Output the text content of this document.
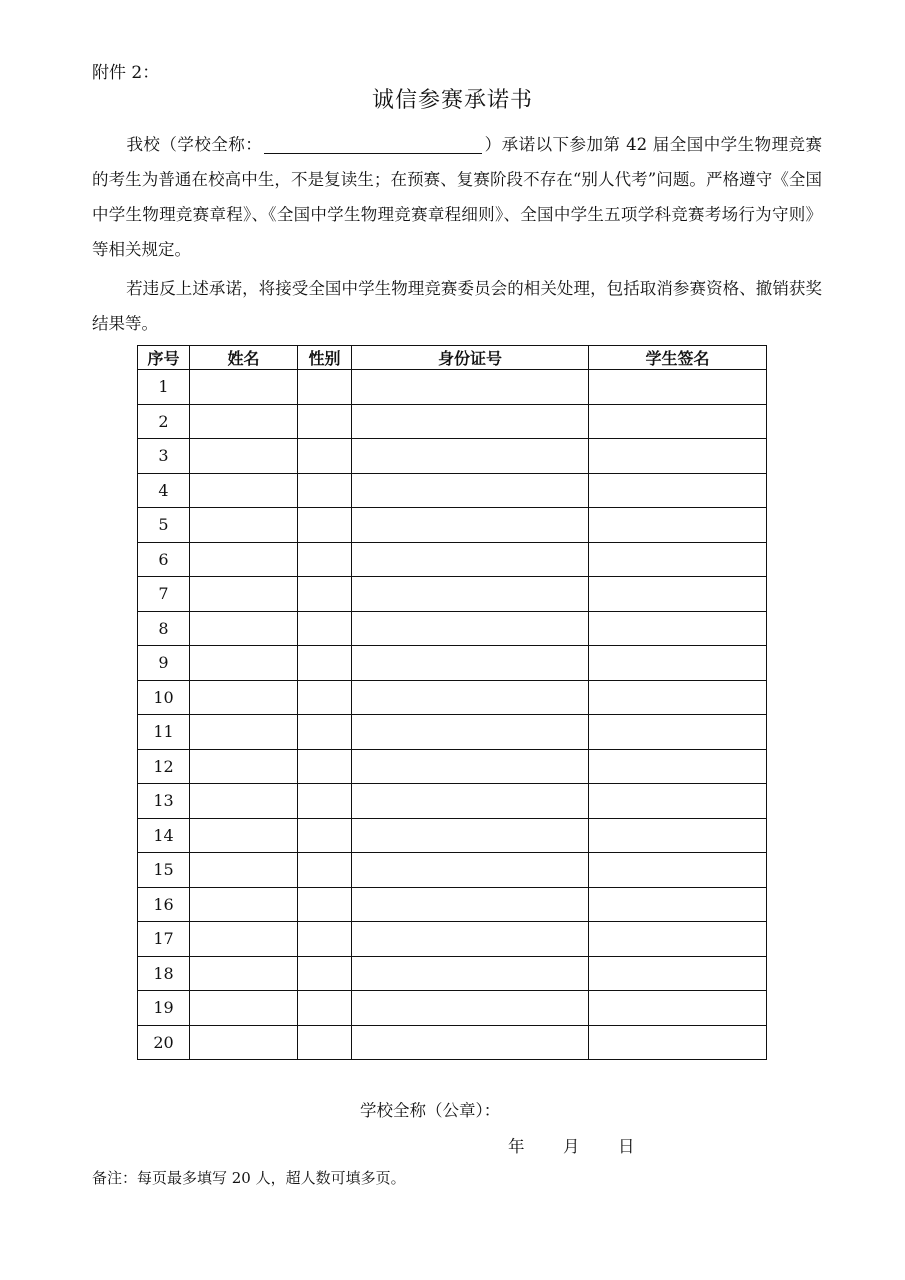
附件 2：
诚信参赛承诺书
我校（学校全称：	）承诺以下参加第 42 届全国中学生物理竞赛的考生为普通在校高中生，不是复读生；在预赛、复赛阶段不存在“别人代考”问题。严格遵守《全国中学生物理竞赛章程》、《全国中学生物理竞赛章程细则》、全国中学生五项学科竞赛考场行为守则》等相关规定。
若违反上述承诺，将接受全国中学生物理竞赛委员会的相关处理，包括取消参赛资格、撤销获奖结果等。
序号	姓名	性别	身份证号	学生签名
1				
2				
3				
4				
5				
6				
7				
8				
9				
10				
11				
12				
13				
14				
15				
16				
17				
18				
19				
20				
学校全称（公章）：
年 月 日
备注：每页最多填写 20 人，超人数可填多页。
